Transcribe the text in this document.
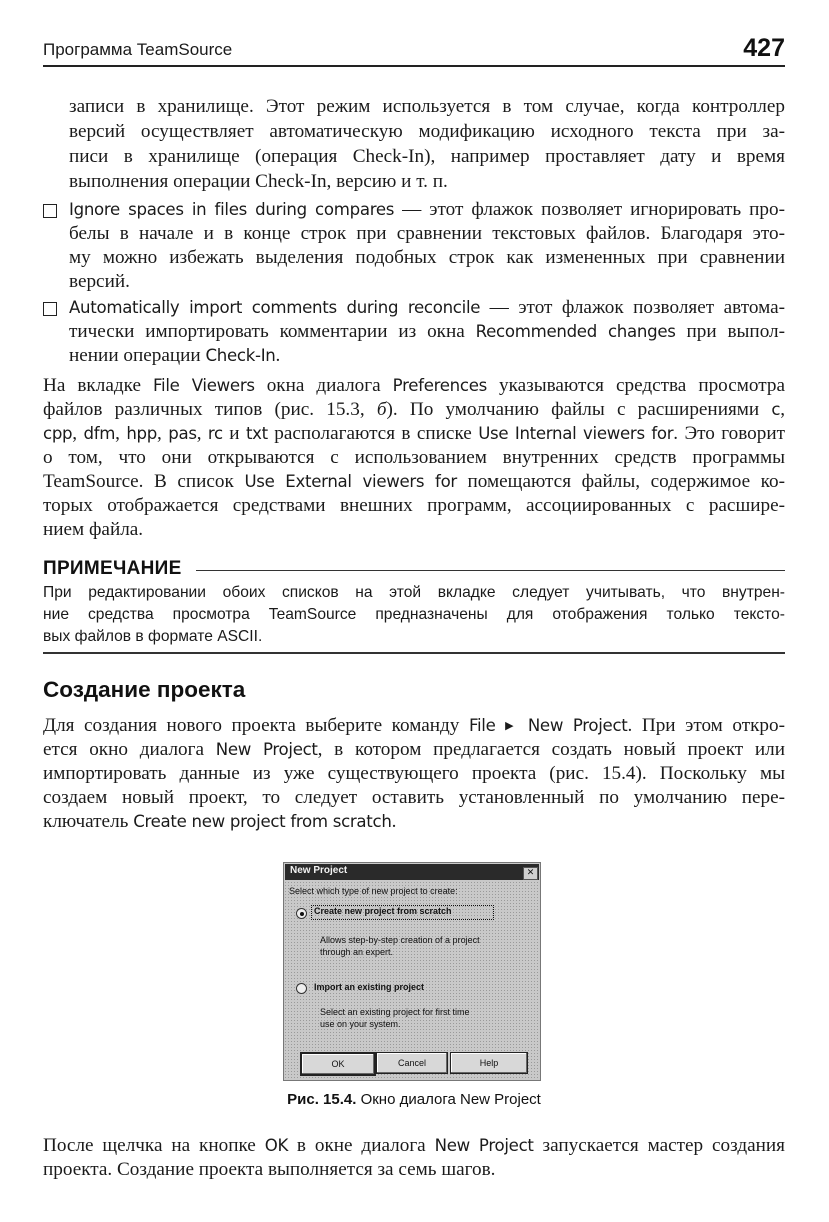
Программа TeamSource	427
записи в хранилище. Этот режим используется в том случае, когда контроллер
версий осуществляет автоматическую модификацию исходного текста при за-
писи в хранилище (операция Check-In), например проставляет дату и время
выполнения операции Check-In, версию и т. п.
Ignore spaces in files during compares — этот флажок позволяет игнорировать про-
белы в начале и в конце строк при сравнении текстовых файлов. Благодаря это-
му можно избежать выделения подобных строк как измененных при сравнении
версий.
Automatically import comments during reconcile — этот флажок позволяет автома-
тически импортировать комментарии из окна Recommended changes при выпол-
нении операции Check-In.
На вкладке File Viewers окна диалога Preferences указываются средства просмотра
файлов различных типов (рис. 15.3, б). По умолчанию файлы с расширениями c,
cpp, dfm, hpp, pas, rc и txt располагаются в списке Use Internal viewers for. Это говорит
о том, что они открываются с использованием внутренних средств программы
TeamSource. В список Use External viewers for помещаются файлы, содержимое ко-
торых отображается средствами внешних программ, ассоциированных с расшире-
нием файла.
ПРИМЕЧАНИЕ
При редактировании обоих списков на этой вкладке следует учитывать, что внутрен-
ние средства просмотра TeamSource предназначены для отображения только тексто-
вых файлов в формате ASCII.
Создание проекта
Для создания нового проекта выберите команду File ▶ New Project. При этом откро-
ется окно диалога New Project, в котором предлагается создать новый проект или
импортировать данные из уже существующего проекта (рис. 15.4). Поскольку мы
создаем новый проект, то следует оставить установленный по умолчанию пере-
ключатель Create new project from scratch.
New Project	✕
Select which type of new project to create:
Create new project from scratch
Allows step-by-step creation of a project
through an expert.
Import an existing project
Select an existing project for first time
use on your system.
OK	Cancel	Help
Рис. 15.4. Окно диалога New Project
После щелчка на кнопке OK в окне диалога New Project запускается мастер создания
проекта. Создание проекта выполняется за семь шагов.
